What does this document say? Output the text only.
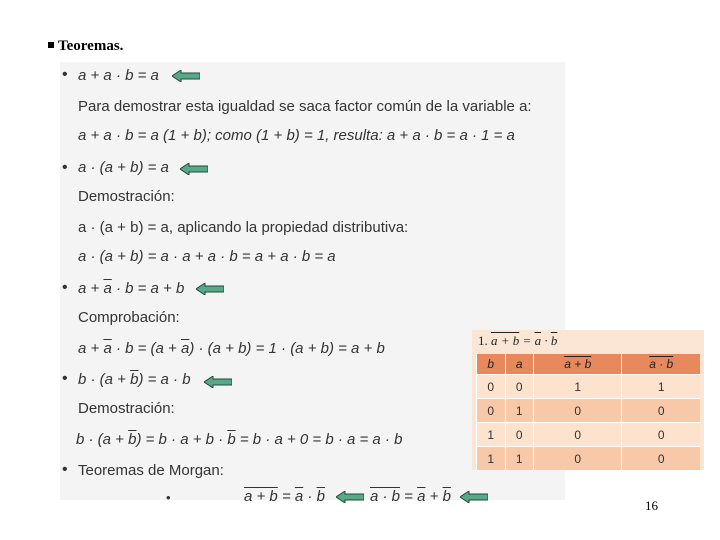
Teoremas.
• a + a · b = a
Para demostrar esta igualdad se saca factor común de la variable a:
a + a · b = a (1 + b); como (1 + b) = 1, resulta: a + a · b = a · 1 = a
• a · (a + b) = a
Demostración:
a · (a + b) = a, aplicando la propiedad distributiva:
a · (a + b) = a · a + a · b = a + a · b = a
• $a + \overline{a} \cdot b = a + b$
Comprobación:
$a + \overline{a} \cdot b = (a + \overline{a}) \cdot (a + b) = 1 \cdot (a + b) = a + b$
• $b \cdot (a + \overline{b}) = a \cdot b$
Demostración:
$b \cdot (a + \overline{b}) = b \cdot a + b \cdot \overline{b} = b \cdot a + 0 = b \cdot a = a \cdot b$
• Teoremas de Morgan:
•	$a + b = \overline{a} \cdot \overline{b}$	$a \cdot b = \overline{a} + \overline{b}$
1. $a + b = \overline{a} \cdot \overline{b}$
b	a	a + b	a · b
0	0	1	1
0	1	0	0
1	0	0	0
1	1	0	0
16
